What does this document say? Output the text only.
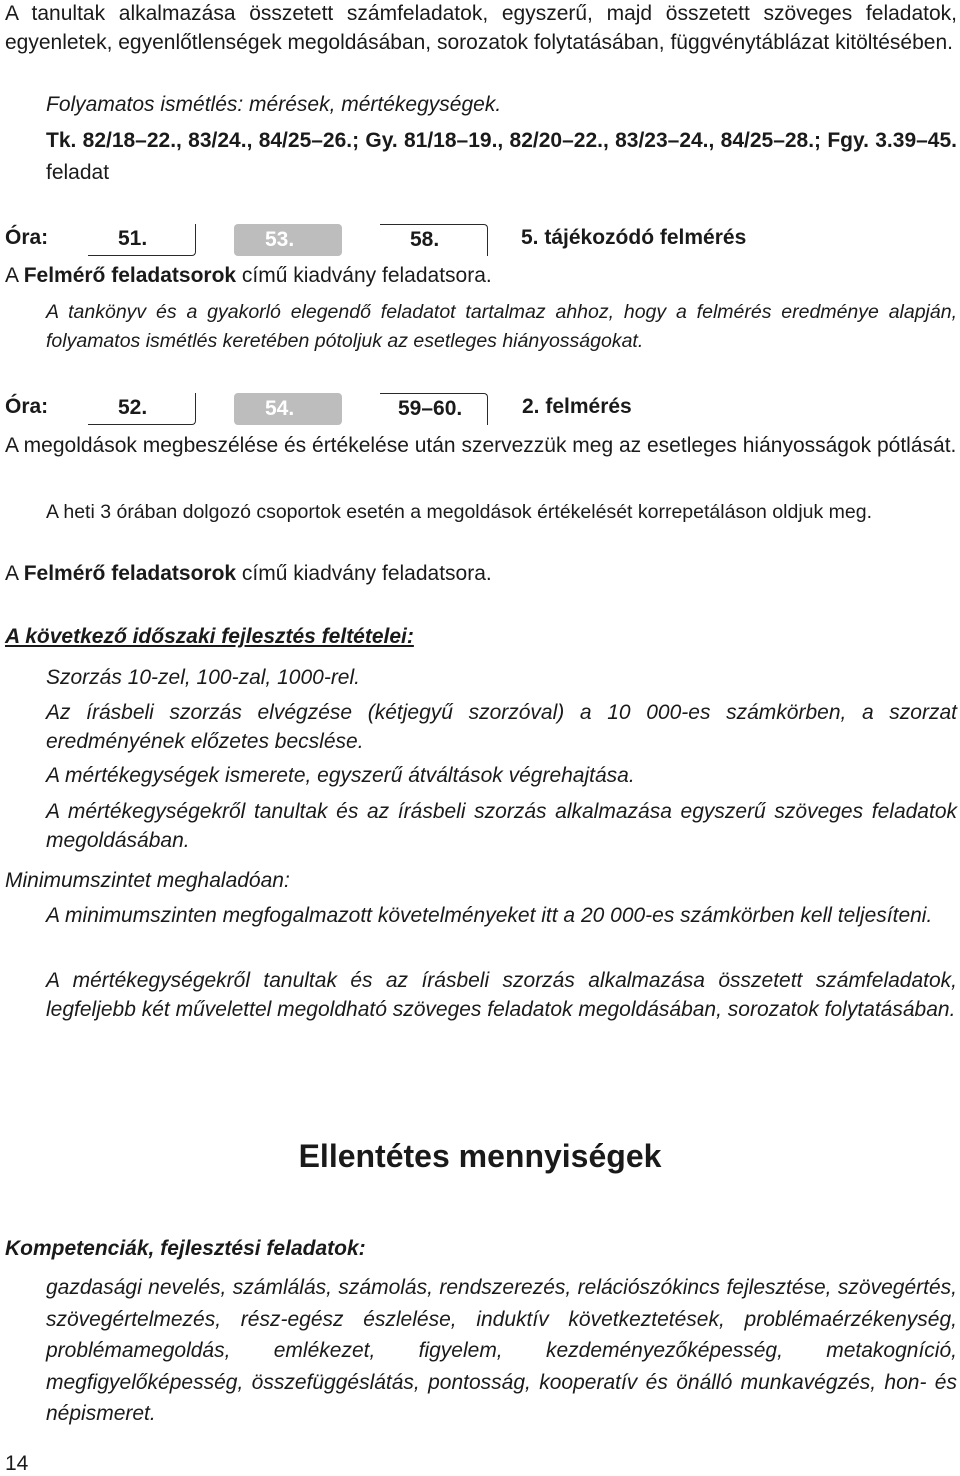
A tanultak alkalmazása összetett számfeladatok, egyszerű, majd összetett szöveges feladatok, egyenletek, egyenlőtlenségek megoldásában, sorozatok folytatásában, függvénytáblázat kitöltésében.

Folyamatos ismétlés: mérések, mértékegységek.

Tk. 82/18–22., 83/24., 84/25–26.; Gy. 81/18–19., 82/20–22., 83/23–24., 84/25–28.; Fgy. 3.39–45. feladat

Óra:	51.	53.	58.	5. tájékozódó felmérés

A Felmérő feladatsorok című kiadvány feladatsora.

A tankönyv és a gyakorló elegendő feladatot tartalmaz ahhoz, hogy a felmérés eredménye alapján, folyamatos ismétlés keretében pótoljuk az esetleges hiányosságokat.

Óra:	52.	54.	59–60.	2. felmérés

A megoldások megbeszélése és értékelése után szervezzük meg az esetleges hiányosságok pótlását.

A heti 3 órában dolgozó csoportok esetén a megoldások értékelését korrepetáláson oldjuk meg.

A Felmérő feladatsorok című kiadvány feladatsora.

A következő időszaki fejlesztés feltételei:

Szorzás 10-zel, 100-zal, 1000-rel.

Az írásbeli szorzás elvégzése (kétjegyű szorzóval) a 10 000-es számkörben, a szorzat eredményének előzetes becslése.

A mértékegységek ismerete, egyszerű átváltások végrehajtása.

A mértékegységekről tanultak és az írásbeli szorzás alkalmazása egyszerű szöveges feladatok megoldásában.

Minimumszintet meghaladóan:

A minimumszinten megfogalmazott követelményeket itt a 20 000-es számkörben kell teljesíteni.

A mértékegységekről tanultak és az írásbeli szorzás alkalmazása összetett számfeladatok, legfeljebb két művelettel megoldható szöveges feladatok megoldásában, sorozatok folytatásában.

Ellentétes mennyiségek
Kompetenciák, fejlesztési feladatok:

gazdasági nevelés, számlálás, számolás, rendszerezés, relációszókincs fejlesztése, szövegértés, szövegértelmezés, rész-egész észlelése, induktív következtetések, problémaérzékenység, problémamegoldás, emlékezet, figyelem, kezdeményezőképesség, metakogníció, megfigyelőképesség, összefüggéslátás, pontosság, kooperatív és önálló munkavégzés, hon- és népismeret.

14
